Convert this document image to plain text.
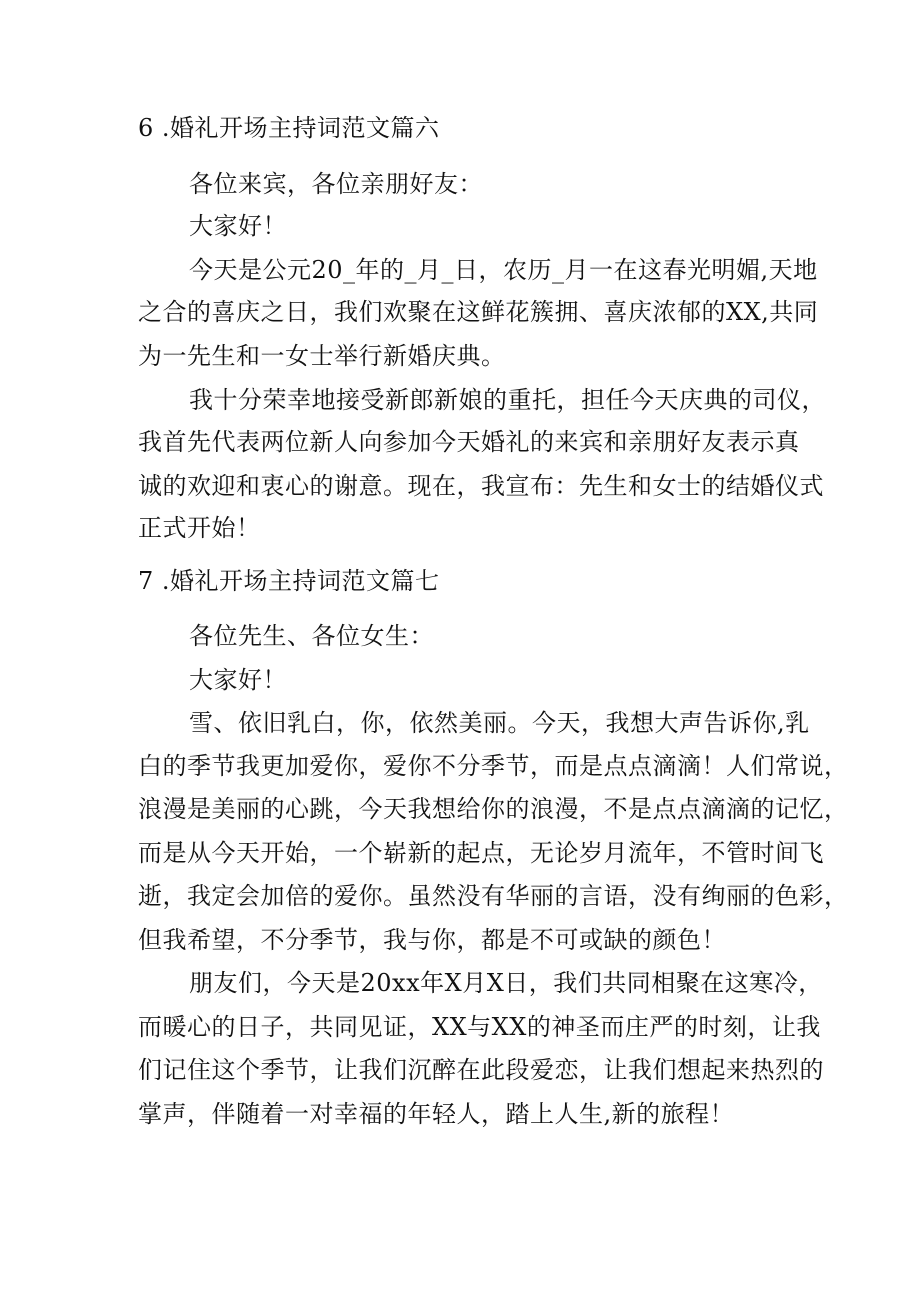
6 .婚礼开场主持词范文篇六
各位来宾，各位亲朋好友：
大家好！
今天是公元20_年的_月_日，农历_月一在这春光明媚,天地
之合的喜庆之日，我们欢聚在这鲜花簇拥、喜庆浓郁的XX,共同
为一先生和一女士举行新婚庆典。
我十分荣幸地接受新郎新娘的重托，担任今天庆典的司仪，
我首先代表两位新人向参加今天婚礼的来宾和亲朋好友表示真
诚的欢迎和衷心的谢意。现在，我宣布：先生和女士的结婚仪式
正式开始！
7 .婚礼开场主持词范文篇七
各位先生、各位女生：
大家好！
雪、依旧乳白，你，依然美丽。今天，我想大声告诉你,乳
白的季节我更加爱你，爱你不分季节，而是点点滴滴！人们常说，
浪漫是美丽的心跳，今天我想给你的浪漫，不是点点滴滴的记忆，
而是从今天开始，一个崭新的起点，无论岁月流年，不管时间飞
逝，我定会加倍的爱你。虽然没有华丽的言语，没有绚丽的色彩，
但我希望，不分季节，我与你，都是不可或缺的颜色！
朋友们，今天是20xx年X月X日，我们共同相聚在这寒冷，
而暖心的日子，共同见证，XX与XX的神圣而庄严的时刻，让我
们记住这个季节，让我们沉醉在此段爱恋，让我们想起来热烈的
掌声，伴随着一对幸福的年轻人，踏上人生,新的旅程！
